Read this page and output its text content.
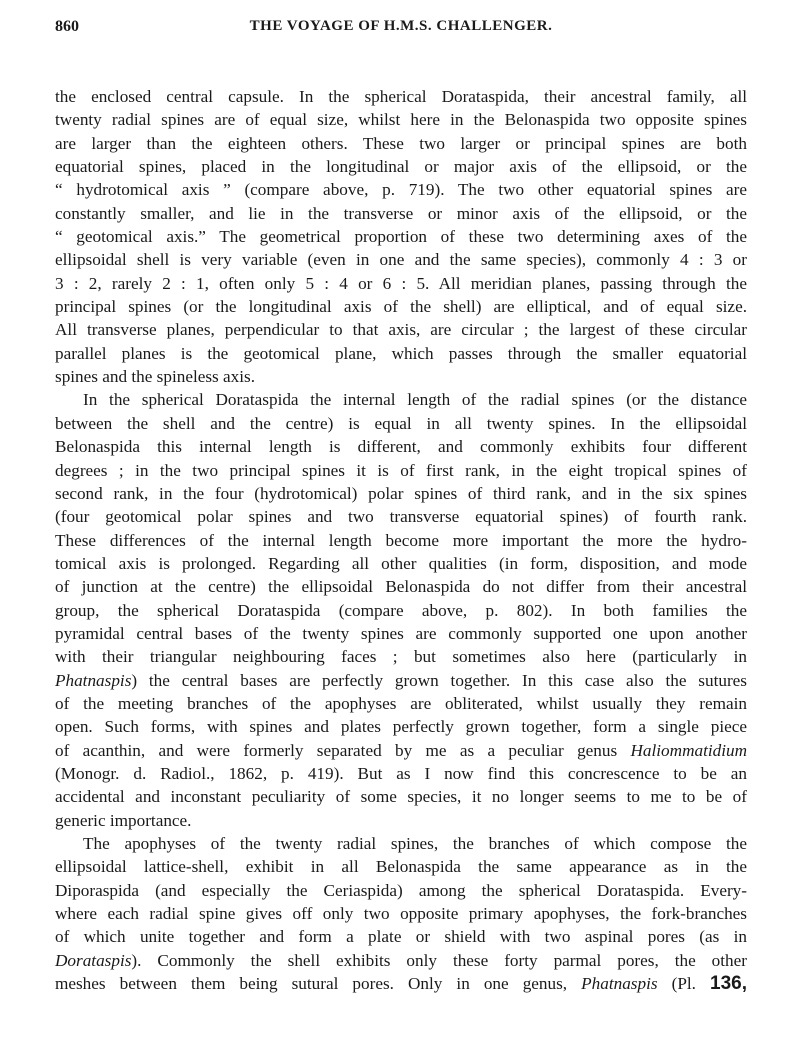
860	THE VOYAGE OF H.M.S. CHALLENGER.
the enclosed central capsule. In the spherical Dorataspida, their ancestral family, all
twenty radial spines are of equal size, whilst here in the Belonaspida two opposite spines
are larger than the eighteen others. These two larger or principal spines are both
equatorial spines, placed in the longitudinal or major axis of the ellipsoid, or the
“ hydrotomical axis ” (compare above, p. 719). The two other equatorial spines are
constantly smaller, and lie in the transverse or minor axis of the ellipsoid, or the
“ geotomical axis.” The geometrical proportion of these two determining axes of the
ellipsoidal shell is very variable (even in one and the same species), commonly 4 : 3 or
3 : 2, rarely 2 : 1, often only 5 : 4 or 6 : 5. All meridian planes, passing through the
principal spines (or the longitudinal axis of the shell) are elliptical, and of equal size.
All transverse planes, perpendicular to that axis, are circular ; the largest of these circular
parallel planes is the geotomical plane, which passes through the smaller equatorial
spines and the spineless axis.
In the spherical Dorataspida the internal length of the radial spines (or the distance
between the shell and the centre) is equal in all twenty spines. In the ellipsoidal
Belonaspida this internal length is different, and commonly exhibits four different
degrees ; in the two principal spines it is of first rank, in the eight tropical spines of
second rank, in the four (hydrotomical) polar spines of third rank, and in the six spines
(four geotomical polar spines and two transverse equatorial spines) of fourth rank.
These differences of the internal length become more important the more the hydro-
tomical axis is prolonged. Regarding all other qualities (in form, disposition, and mode
of junction at the centre) the ellipsoidal Belonaspida do not differ from their ancestral
group, the spherical Dorataspida (compare above, p. 802). In both families the
pyramidal central bases of the twenty spines are commonly supported one upon another
with their triangular neighbouring faces ; but sometimes also here (particularly in
Phatnaspis) the central bases are perfectly grown together. In this case also the sutures
of the meeting branches of the apophyses are obliterated, whilst usually they remain
open. Such forms, with spines and plates perfectly grown together, form a single piece
of acanthin, and were formerly separated by me as a peculiar genus Haliommatidium
(Monogr. d. Radiol., 1862, p. 419). But as I now find this concrescence to be an
accidental and inconstant peculiarity of some species, it no longer seems to me to be of
generic importance.
The apophyses of the twenty radial spines, the branches of which compose the
ellipsoidal lattice-shell, exhibit in all Belonaspida the same appearance as in the
Diporaspida (and especially the Ceriaspida) among the spherical Dorataspida. Every-
where each radial spine gives off only two opposite primary apophyses, the fork-branches
of which unite together and form a plate or shield with two aspinal pores (as in
Dorataspis). Commonly the shell exhibits only these forty parmal pores, the other
meshes between them being sutural pores. Only in one genus, Phatnaspis (Pl. 136,
